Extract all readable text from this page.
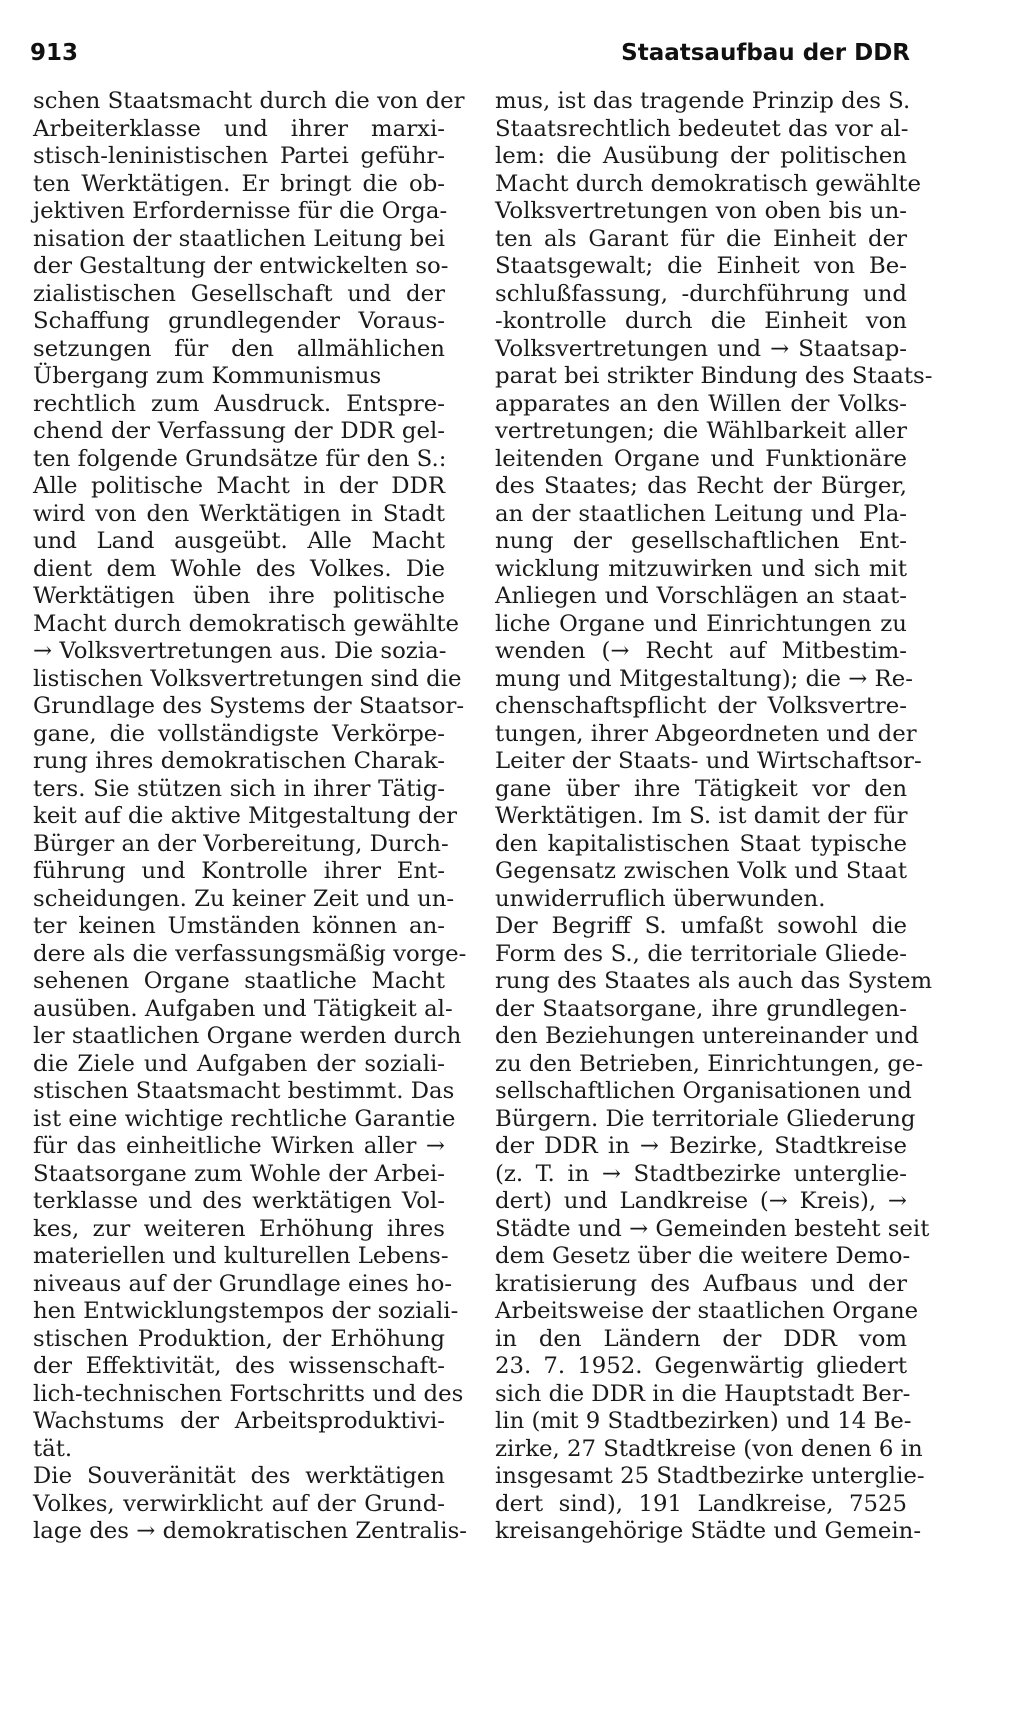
913	Staatsaufbau der DDR
schen Staatsmacht durch die von der
Arbeiterklasse und ihrer marxi-
stisch-leninistischen Partei geführ-
ten Werktätigen. Er bringt die ob-
jektiven Erfordernisse für die Orga-
nisation der staatlichen Leitung bei
der Gestaltung der entwickelten so-
zialistischen Gesellschaft und der
Schaffung grundlegender Voraus-
setzungen für den allmählichen
Übergang zum Kommunismus
rechtlich zum Ausdruck. Entspre-
chend der Verfassung der DDR gel-
ten folgende Grundsätze für den S.:
Alle politische Macht in der DDR
wird von den Werktätigen in Stadt
und Land ausgeübt. Alle Macht
dient dem Wohle des Volkes. Die
Werktätigen üben ihre politische
Macht durch demokratisch gewählte
→ Volksvertretungen aus. Die sozia-
listischen Volksvertretungen sind die
Grundlage des Systems der Staatsor-
gane, die vollständigste Verkörpe-
rung ihres demokratischen Charak-
ters. Sie stützen sich in ihrer Tätig-
keit auf die aktive Mitgestaltung der
Bürger an der Vorbereitung, Durch-
führung und Kontrolle ihrer Ent-
scheidungen. Zu keiner Zeit und un-
ter keinen Umständen können an-
dere als die verfassungsmäßig vorge-
sehenen Organe staatliche Macht
ausüben. Aufgaben und Tätigkeit al-
ler staatlichen Organe werden durch
die Ziele und Aufgaben der soziali-
stischen Staatsmacht bestimmt. Das
ist eine wichtige rechtliche Garantie
für das einheitliche Wirken aller →
Staatsorgane zum Wohle der Arbei-
terklasse und des werktätigen Vol-
kes, zur weiteren Erhöhung ihres
materiellen und kulturellen Lebens-
niveaus auf der Grundlage eines ho-
hen Entwicklungstempos der soziali-
stischen Produktion, der Erhöhung
der Effektivität, des wissenschaft-
lich-technischen Fortschritts und des
Wachstums der Arbeitsproduktivi-
tät.
Die Souveränität des werktätigen
Volkes, verwirklicht auf der Grund-
lage des → demokratischen Zentralis-
mus, ist das tragende Prinzip des S.
Staatsrechtlich bedeutet das vor al-
lem: die Ausübung der politischen
Macht durch demokratisch gewählte
Volksvertretungen von oben bis un-
ten als Garant für die Einheit der
Staatsgewalt; die Einheit von Be-
schlußfassung, -durchführung und
-kontrolle durch die Einheit von
Volksvertretungen und → Staatsap-
parat bei strikter Bindung des Staats-
apparates an den Willen der Volks-
vertretungen; die Wählbarkeit aller
leitenden Organe und Funktionäre
des Staates; das Recht der Bürger,
an der staatlichen Leitung und Pla-
nung der gesellschaftlichen Ent-
wicklung mitzuwirken und sich mit
Anliegen und Vorschlägen an staat-
liche Organe und Einrichtungen zu
wenden (→ Recht auf Mitbestim-
mung und Mitgestaltung); die → Re-
chenschaftspflicht der Volksvertre-
tungen, ihrer Abgeordneten und der
Leiter der Staats- und Wirtschaftsor-
gane über ihre Tätigkeit vor den
Werktätigen. Im S. ist damit der für
den kapitalistischen Staat typische
Gegensatz zwischen Volk und Staat
unwiderruflich überwunden.
Der Begriff S. umfaßt sowohl die
Form des S., die territoriale Gliede-
rung des Staates als auch das System
der Staatsorgane, ihre grundlegen-
den Beziehungen untereinander und
zu den Betrieben, Einrichtungen, ge-
sellschaftlichen Organisationen und
Bürgern. Die territoriale Gliederung
der DDR in → Bezirke, Stadtkreise
(z. T. in → Stadtbezirke unterglie-
dert) und Landkreise (→ Kreis), →
Städte und → Gemeinden besteht seit
dem Gesetz über die weitere Demo-
kratisierung des Aufbaus und der
Arbeitsweise der staatlichen Organe
in den Ländern der DDR vom
23. 7. 1952. Gegenwärtig gliedert
sich die DDR in die Hauptstadt Ber-
lin (mit 9 Stadtbezirken) und 14 Be-
zirke, 27 Stadtkreise (von denen 6 in
insgesamt 25 Stadtbezirke unterglie-
dert sind), 191 Landkreise, 7525
kreisangehörige Städte und Gemein-
